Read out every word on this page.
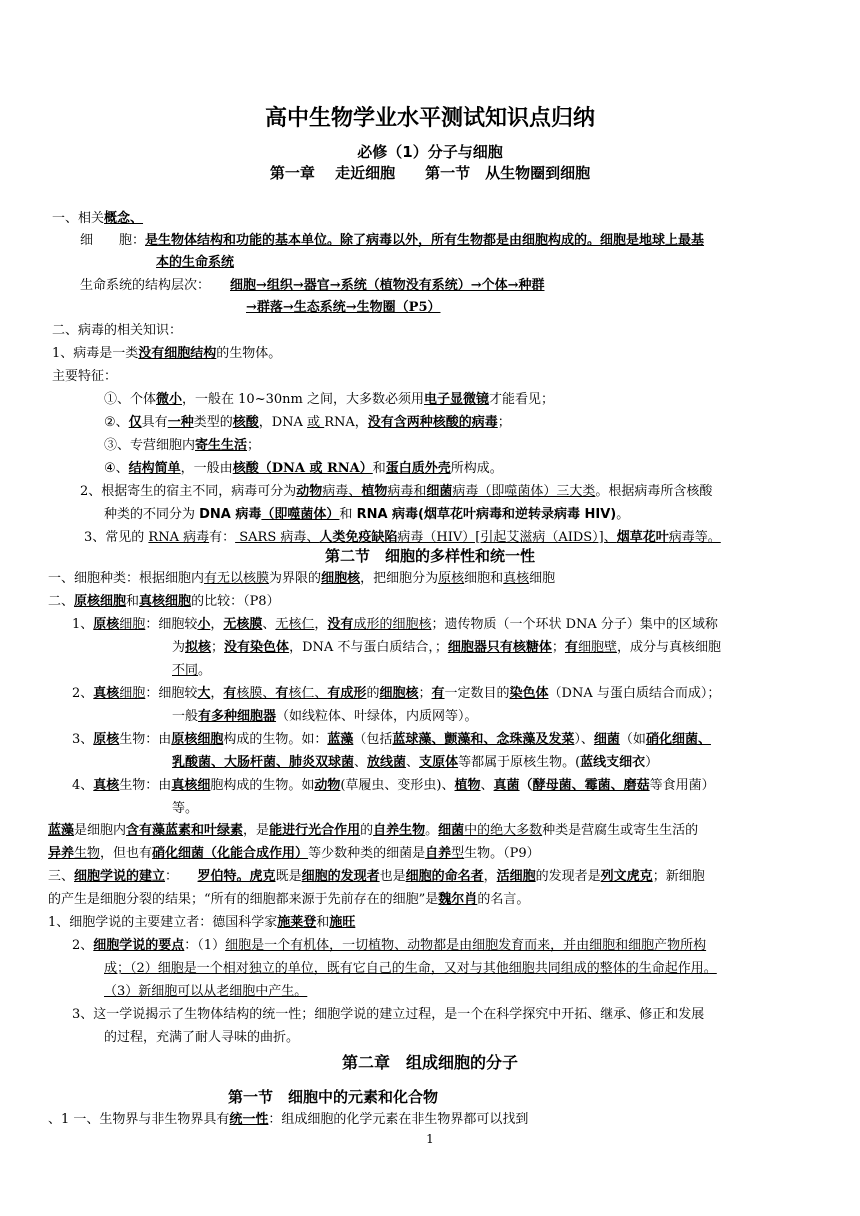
高中生物学业水平测试知识点归纳
必修（1）分子与细胞
第一章　 走近细胞　　第一节　从生物圈到细胞
一、相关概念、
细　　胞：是生物体结构和功能的基本单位。除了病毒以外，所有生物都是由细胞构成的。细胞是地球上最基
本的生命系统
生命系统的结构层次： 细胞→组织→器官→系统（植物没有系统）→个体→种群
→群落→生态系统→生物圈（P5）
二、病毒的相关知识：
1、病毒是一类没有细胞结构的生物体。
主要特征：
①、个体微小，一般在 10~30nm 之间，大多数必须用电子显微镜才能看见；
②、仅具有一种类型的核酸，DNA 或 RNA，没有含两种核酸的病毒；
③、专营细胞内寄生生活；
④、结构简单，一般由核酸（DNA 或 RNA）和蛋白质外壳所构成。
2、根据寄生的宿主不同，病毒可分为动物病毒、植物病毒和细菌病毒（即噬菌体）三大类。根据病毒所含核酸
种类的不同分为 DNA 病毒（即噬菌体）和 RNA 病毒(烟草花叶病毒和逆转录病毒 HIV)。
3、常见的 RNA 病毒有： SARS 病毒、人类免疫缺陷病毒（HIV）[引起艾滋病（AIDS）]、烟草花叶病毒等。
第二节　细胞的多样性和统一性
一、细胞种类：根据细胞内有无以核膜为界限的细胞核，把细胞分为原核细胞和真核细胞
二、原核细胞和真核细胞的比较：（P8）
1、原核细胞：细胞较小，无核膜、无核仁，没有成形的细胞核；遗传物质（一个环状 DNA 分子）集中的区域称
为拟核；没有染色体，DNA 不与蛋白质结合，；细胞器只有核糖体；有细胞壁，成分与真核细胞
不同。
2、真核细胞：细胞较大，有核膜、有核仁、有成形的细胞核；有一定数目的染色体（DNA 与蛋白质结合而成）；
一般有多种细胞器（如线粒体、叶绿体，内质网等）。
3、原核生物：由原核细胞构成的生物。如：蓝藻（包括蓝球藻、颤藻和、念珠藻及发菜）、细菌（如硝化细菌、
乳酸菌、大肠杆菌、肺炎双球菌、放线菌、支原体等都属于原核生物。(蓝线支细衣）
4、真核生物：由真核细胞构成的生物。如动物(草履虫、变形虫)、植物、真菌（酵母菌、霉菌、磨菇等食用菌）
等。
蓝藻是细胞内含有藻蓝素和叶绿素，是能进行光合作用的自养生物。细菌中的绝大多数种类是营腐生或寄生生活的
异养生物，但也有硝化细菌（化能合成作用）等少数种类的细菌是自养型生物。（P9）
三、细胞学说的建立：　　罗伯特。虎克既是细胞的发现者也是细胞的命名者，活细胞的发现者是列文虎克；新细胞
的产生是细胞分裂的结果；“所有的细胞都来源于先前存在的细胞”是魏尔肖的名言。
1、细胞学说的主要建立者：德国科学家施莱登和施旺
2、细胞学说的要点：（1）细胞是一个有机体，一切植物、动物都是由细胞发育而来，并由细胞和细胞产物所构
成；（2）细胞是一个相对独立的单位，既有它自己的生命，又对与其他细胞共同组成的整体的生命起作用。
（3）新细胞可以从老细胞中产生。
3、这一学说揭示了生物体结构的统一性；细胞学说的建立过程，是一个在科学探究中开拓、继承、修正和发展
的过程，充满了耐人寻味的曲折。
第二章　组成细胞的分子
第一节　细胞中的元素和化合物
、1 一、生物界与非生物界具有统一性：组成细胞的化学元素在非生物界都可以找到
1
